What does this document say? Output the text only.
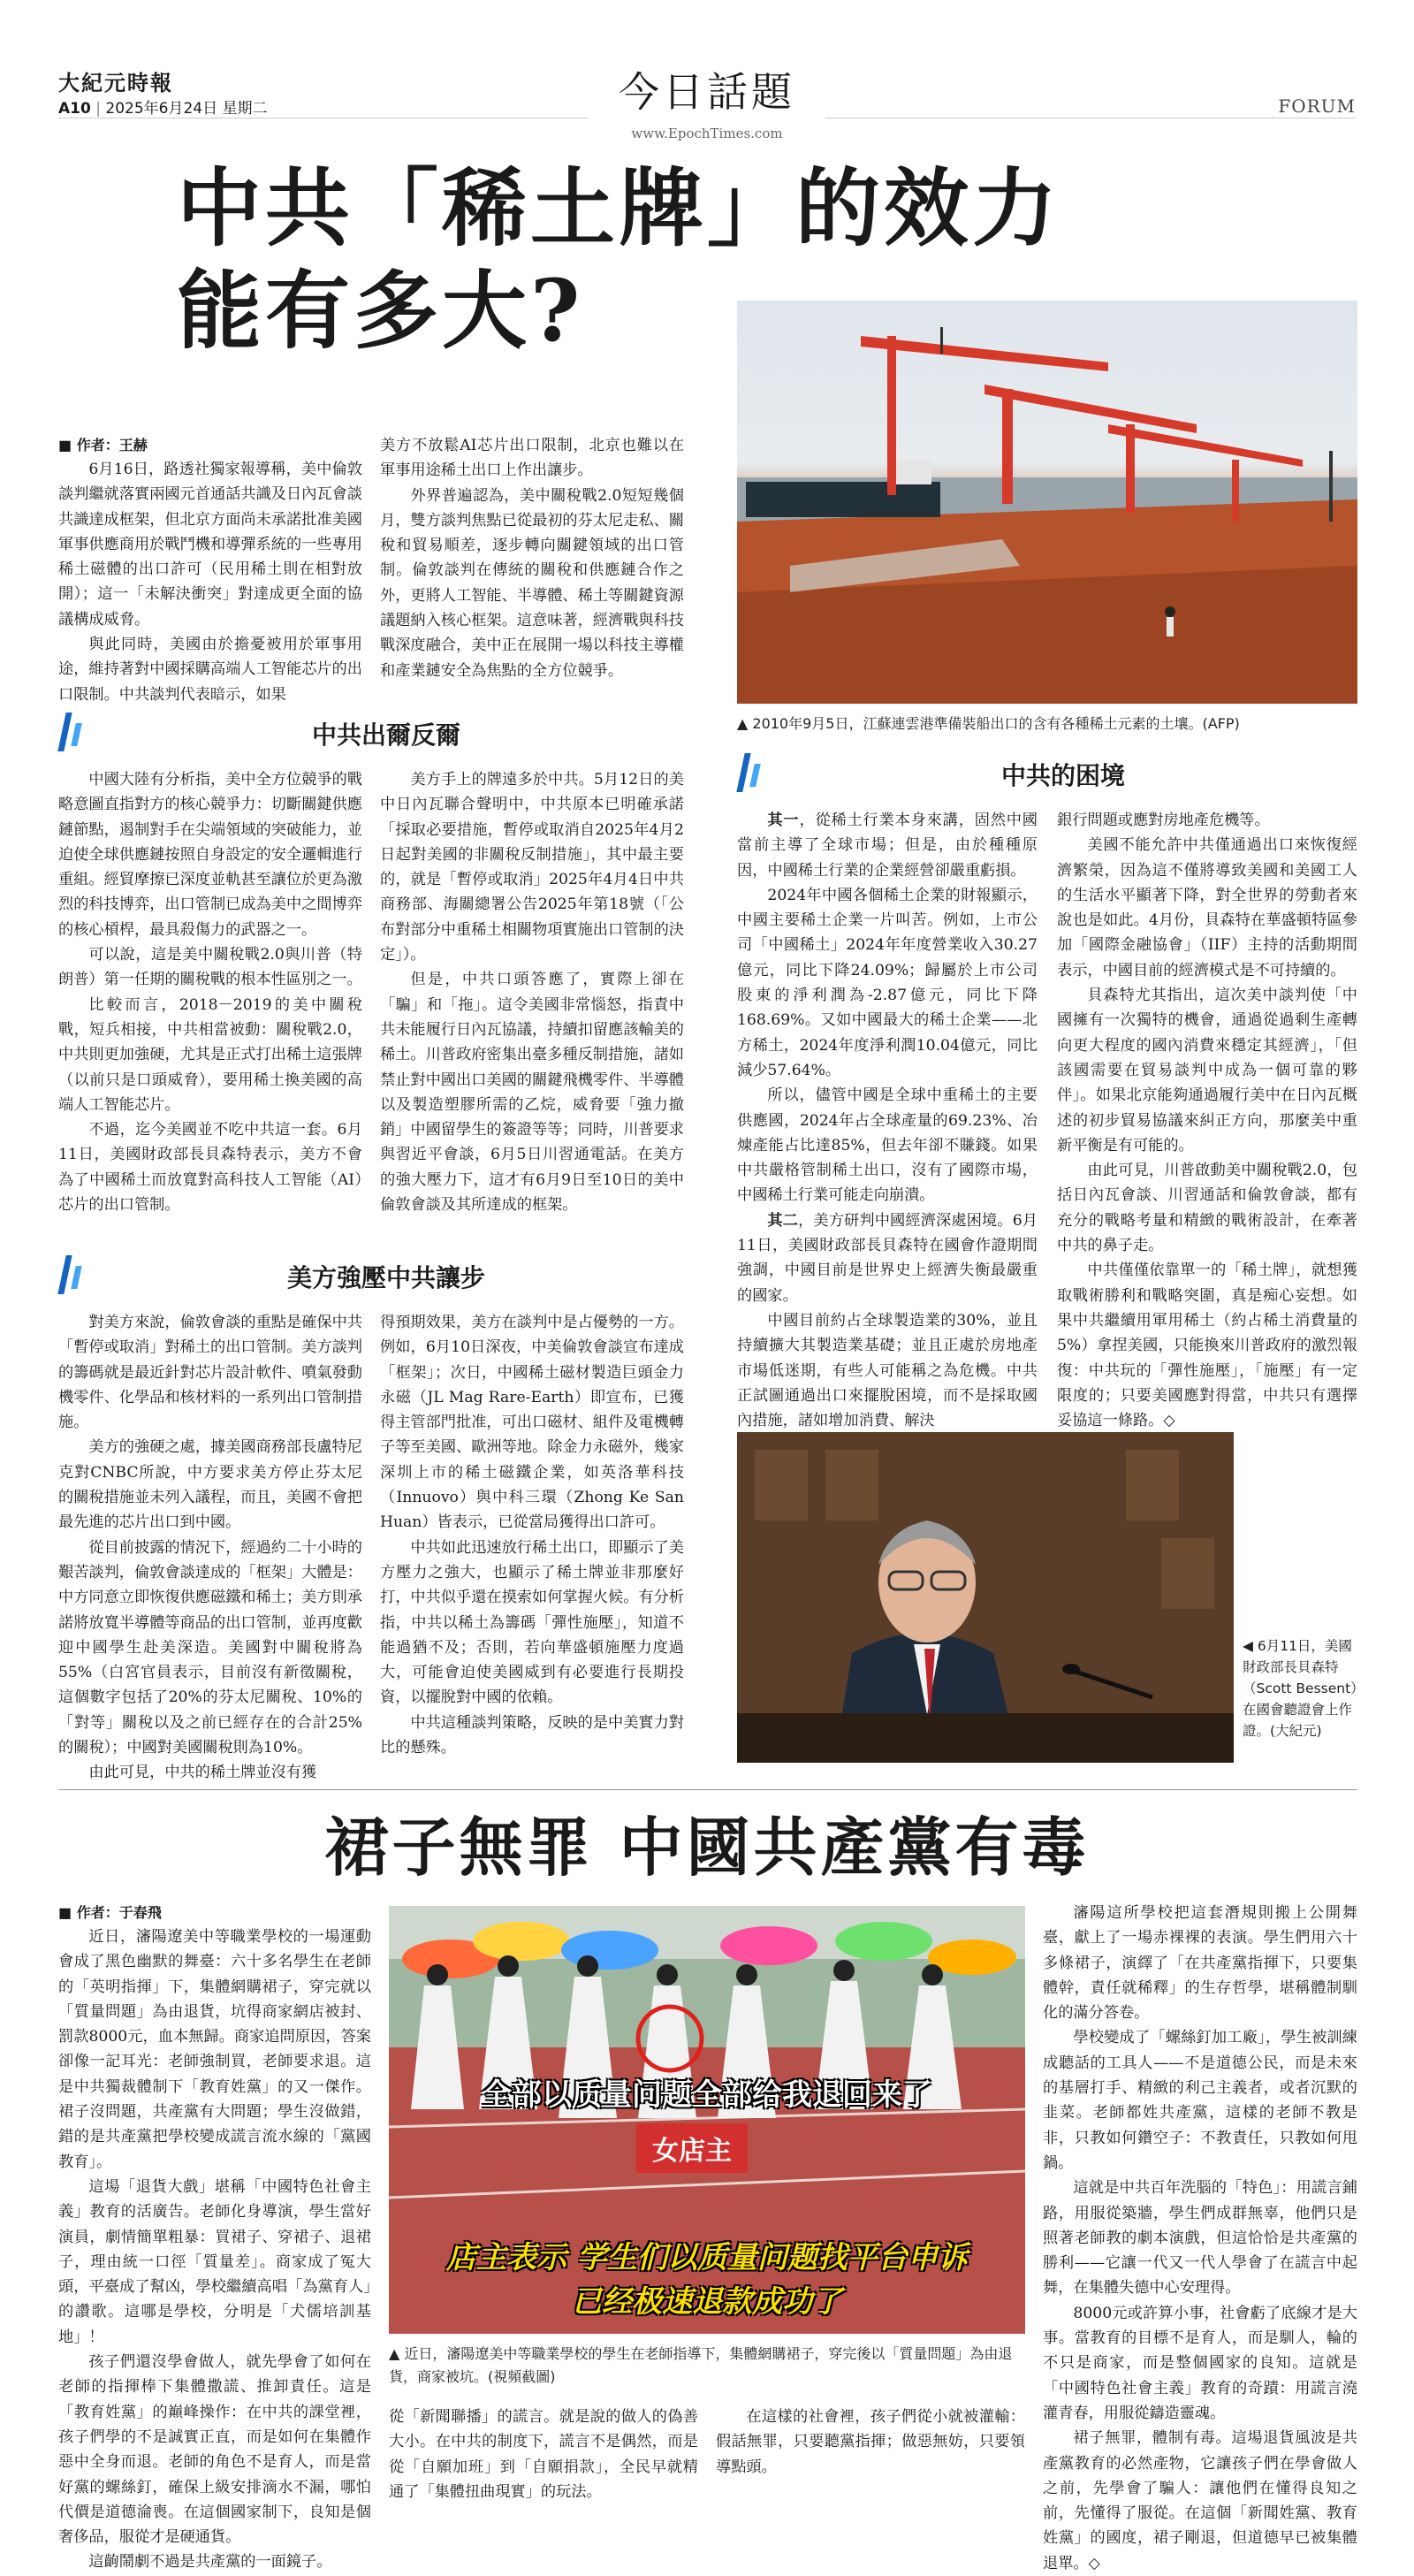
大紀元時報
A10 | 2025年6月24日 星期二	今日話題
www.EpochTimes.com
FORUM
中共「稀土牌」的效力
能有多大?
▲ 2010年9月5日，江蘇連雲港準備裝船出口的含有各種稀土元素的土壤。(AFP)
■ 作者：王赫

6月16日，路透社獨家報導稱，美中倫敦談判繼就落實兩國元首通話共識及日內瓦會談共識達成框架，但北京方面尚未承諾批准美國軍事供應商用於戰鬥機和導彈系統的一些專用稀土磁體的出口許可（民用稀土則在相對放開）；這一「未解決衝突」對達成更全面的協議構成威脅。

與此同時，美國由於擔憂被用於軍事用途，維持著對中國採購高端人工智能芯片的出口限制。中共談判代表暗示，如果

美方不放鬆AI芯片出口限制，北京也難以在軍事用途稀土出口上作出讓步。

外界普遍認為，美中關稅戰2.0短短幾個月，雙方談判焦點已從最初的芬太尼走私、關稅和貿易順差，逐步轉向關鍵領域的出口管制。倫敦談判在傳統的關稅和供應鏈合作之外，更將人工智能、半導體、稀土等關鍵資源議題納入核心框架。這意味著，經濟戰與科技戰深度融合，美中正在展開一場以科技主導權和產業鏈安全為焦點的全方位競爭。

中共出爾反爾

中國大陸有分析指，美中全方位競爭的戰略意圖直指對方的核心競爭力：切斷關鍵供應鏈節點，遏制對手在尖端領域的突破能力，並迫使全球供應鏈按照自身設定的安全邏輯進行重組。經貿摩擦已深度並軌甚至讓位於更為激烈的科技博弈，出口管制已成為美中之間博弈的核心槓桿，最具殺傷力的武器之一。

可以說，這是美中關稅戰2.0與川普（特朗普）第一任期的關稅戰的根本性區別之一。

比較而言，2018－2019的美中關稅戰，短兵相接，中共相當被動：關稅戰2.0，中共則更加強硬，尤其是正式打出稀土這張牌（以前只是口頭威脅），要用稀土換美國的高端人工智能芯片。

不過，迄今美國並不吃中共這一套。6月11日，美國財政部長貝森特表示，美方不會為了中國稀土而放寬對高科技人工智能（AI）芯片的出口管制。

美方手上的牌遠多於中共。5月12日的美中日內瓦聯合聲明中，中共原本已明確承諾「採取必要措施，暫停或取消自2025年4月2日起對美國的非關稅反制措施」，其中最主要的，就是「暫停或取消」2025年4月4日中共商務部、海關總署公告2025年第18號（「公布對部分中重稀土相關物項實施出口管制的決定」）。

但是，中共口頭答應了，實際上卻在「騙」和「拖」。這令美國非常惱怒，指責中共未能履行日內瓦協議，持續扣留應該輸美的稀土。川普政府密集出臺多種反制措施，諸如禁止對中國出口美國的關鍵飛機零件、半導體以及製造塑膠所需的乙烷，威脅要「強力撤銷」中國留學生的簽證等等；同時，川普要求與習近平會談，6月5日川習通電話。在美方的強大壓力下，這才有6月9日至10日的美中倫敦會談及其所達成的框架。

美方強壓中共讓步

對美方來說，倫敦會談的重點是確保中共「暫停或取消」對稀土的出口管制。美方談判的籌碼就是最近針對芯片設計軟件、噴氣發動機零件、化學品和核材料的一系列出口管制措施。

美方的強硬之處，據美國商務部長盧特尼克對CNBC所說，中方要求美方停止芬太尼的關稅措施並未列入議程，而且，美國不會把最先進的芯片出口到中國。

從目前披露的情況下，經過約二十小時的艱苦談判，倫敦會談達成的「框架」大體是：中方同意立即恢復供應磁鐵和稀土；美方則承諾將放寬半導體等商品的出口管制，並再度歡迎中國學生赴美深造。美國對中關稅將為55%（白宮官員表示，目前沒有新徵關稅，這個數字包括了20%的芬太尼關稅、10%的「對等」關稅以及之前已經存在的合計25%的關稅）；中國對美國關稅則為10%。

由此可見，中共的稀土牌並沒有獲

得預期效果，美方在談判中是占優勢的一方。例如，6月10日深夜，中美倫敦會談宣布達成「框架」；次日，中國稀土磁材製造巨頭金力永磁（JL Mag Rare-Earth）即宣布，已獲得主管部門批准，可出口磁材、組件及電機轉子等至美國、歐洲等地。除金力永磁外，幾家深圳上市的稀土磁鐵企業，如英洛華科技（Innuovo）與中科三環（Zhong Ke San Huan）皆表示，已從當局獲得出口許可。

中共如此迅速放行稀土出口，即顯示了美方壓力之強大，也顯示了稀土牌並非那麼好打，中共似乎還在摸索如何掌握火候。有分析指，中共以稀土為籌碼「彈性施壓」，知道不能過猶不及；否則，若向華盛頓施壓力度過大，可能會迫使美國威到有必要進行長期投資，以擺脫對中國的依賴。

中共這種談判策略，反映的是中美實力對比的懸殊。

中共的困境

其一，從稀土行業本身來講，固然中國當前主導了全球市場；但是，由於種種原因，中國稀土行業的企業經營卻嚴重虧損。

2024年中國各個稀土企業的財報顯示，中國主要稀土企業一片叫苦。例如，上市公司「中國稀土」2024年年度營業收入30.27億元，同比下降24.09%；歸屬於上市公司股東的淨利潤為-2.87億元，同比下降168.69%。又如中國最大的稀土企業——北方稀土，2024年度淨利潤10.04億元，同比減少57.64%。

所以，儘管中國是全球中重稀土的主要供應國，2024年占全球產量的69.23%、冶煉產能占比達85%，但去年卻不賺錢。如果中共嚴格管制稀土出口，沒有了國際市場，中國稀土行業可能走向崩潰。

其二，美方研判中國經濟深處困境。6月11日，美國財政部長貝森特在國會作證期間強調，中國目前是世界史上經濟失衡最嚴重的國家。

中國目前約占全球製造業的30%，並且持續擴大其製造業基礎；並且正處於房地產市場低迷期，有些人可能稱之為危機。中共正試圖通過出口來擺脫困境，而不是採取國內措施，諸如增加消費、解決

銀行問題或應對房地產危機等。

美國不能允許中共僅通過出口來恢復經濟繁榮，因為這不僅將導致美國和美國工人的生活水平顯著下降，對全世界的勞動者來說也是如此。4月份，貝森特在華盛頓特區參加「國際金融協會」（IIF）主持的活動期間表示，中國目前的經濟模式是不可持續的。

貝森特尤其指出，這次美中談判使「中國擁有一次獨特的機會，通過從過剩生產轉向更大程度的國內消費來穩定其經濟」，「但該國需要在貿易談判中成為一個可靠的夥伴」。如果北京能夠通過履行美中在日內瓦概述的初步貿易協議來糾正方向，那麼美中重新平衡是有可能的。

由此可見，川普啟動美中關稅戰2.0，包括日內瓦會談、川習通話和倫敦會談，都有充分的戰略考量和精緻的戰術設計，在牽著中共的鼻子走。

中共僅僅依靠單一的「稀土牌」，就想獲取戰術勝利和戰略突圍，真是痴心妄想。如果中共繼續用軍用稀土（約占稀土消費量的5%）拿捏美國，只能換來川普政府的激烈報復：中共玩的「彈性施壓」，「施壓」有一定限度的；只要美國應對得當，中共只有選擇妥協這一條路。◇

◀ 6月11日，美國財政部長貝森特（Scott Bessent）在國會聽證會上作證。(大紀元)
裙子無罪 中國共產黨有毒
■ 作者：于春飛

近日，瀋陽遼美中等職業學校的一場運動會成了黑色幽默的舞臺：六十多名學生在老師的「英明指揮」下，集體網購裙子，穿完就以「質量問題」為由退貨，坑得商家網店被封、罰款8000元，血本無歸。商家追問原因，答案卻像一記耳光：老師強制買，老師要求退。這是中共獨裁體制下「教育姓黨」的又一傑作。裙子沒問題，共產黨有大問題；學生沒做錯，錯的是共產黨把學校變成謊言流水線的「黨國教育」。

這場「退貨大戲」堪稱「中國特色社會主義」教育的活廣告。老師化身導演，學生當好演員，劇情簡單粗暴：買裙子、穿裙子、退裙子，理由統一口徑「質量差」。商家成了冤大頭，平臺成了幫凶，學校繼續高唱「為黨育人」的讚歌。這哪是學校，分明是「犬儒培訓基地」！

孩子們還沒學會做人，就先學會了如何在老師的指揮棒下集體撒謊、推卸責任。這是「教育姓黨」的巔峰操作：在中共的課堂裡，孩子們學的不是誠實正直，而是如何在集體作惡中全身而退。老師的角色不是育人，而是當好黨的螺絲釘，確保上級安排滴水不漏，哪怕代價是道德淪喪。在這個國家制下，良知是個奢侈品，服從才是硬通貨。

這齣鬧劇不過是共產黨的一面鏡子。

全部以质量问题全部给我退回来了
女店主
店主表示 学生们以质量问题找平台申诉
已经极速退款成功了
▲ 近日，瀋陽遼美中等職業學校的學生在老師指導下，集體網購裙子，穿完後以「質量問題」為由退貨，商家被坑。(視頻截圖)

從「新聞聯播」的謊言。就是說的做人的偽善大小。在中共的制度下，謊言不是偶然，而是從「自願加班」到「自願捐款」，全民早就精通了「集體扭曲現實」的玩法。

在這樣的社會裡，孩子們從小就被灌輸：假話無罪，只要聽黨指揮；做惡無妨，只要領導點頭。

瀋陽這所學校把這套潛規則搬上公開舞臺，獻上了一場赤裸裸的表演。學生們用六十多條裙子，演繹了「在共產黨指揮下，只要集體幹，責任就稀釋」的生存哲學，堪稱體制馴化的滿分答卷。

學校變成了「螺絲釘加工廠」，學生被訓練成聽話的工具人——不是道德公民，而是未來的基層打手、精緻的利己主義者，或者沉默的韭菜。老師都姓共產黨，這樣的老師不教是非，只教如何鑽空子：不教責任，只教如何甩鍋。

這就是中共百年洗腦的「特色」：用謊言鋪路，用服從築牆，學生們成群無辜，他們只是照著老師教的劇本演戲，但這恰恰是共產黨的勝利——它讓一代又一代人學會了在謊言中起舞，在集體失德中心安理得。

8000元或許算小事，社會虧了底線才是大事。當教育的目標不是育人，而是馴人，輪的不只是商家，而是整個國家的良知。這就是「中國特色社會主義」教育的奇蹟：用謊言澆灌青春，用服從鑄造靈魂。

裙子無罪，體制有毒。這場退貨風波是共產黨教育的必然產物，它讓孩子們在學會做人之前，先學會了騙人：讓他們在懂得良知之前，先懂得了服從。在這個「新聞姓黨、教育姓黨」的國度，裙子剛退，但道德早已被集體退單。◇
